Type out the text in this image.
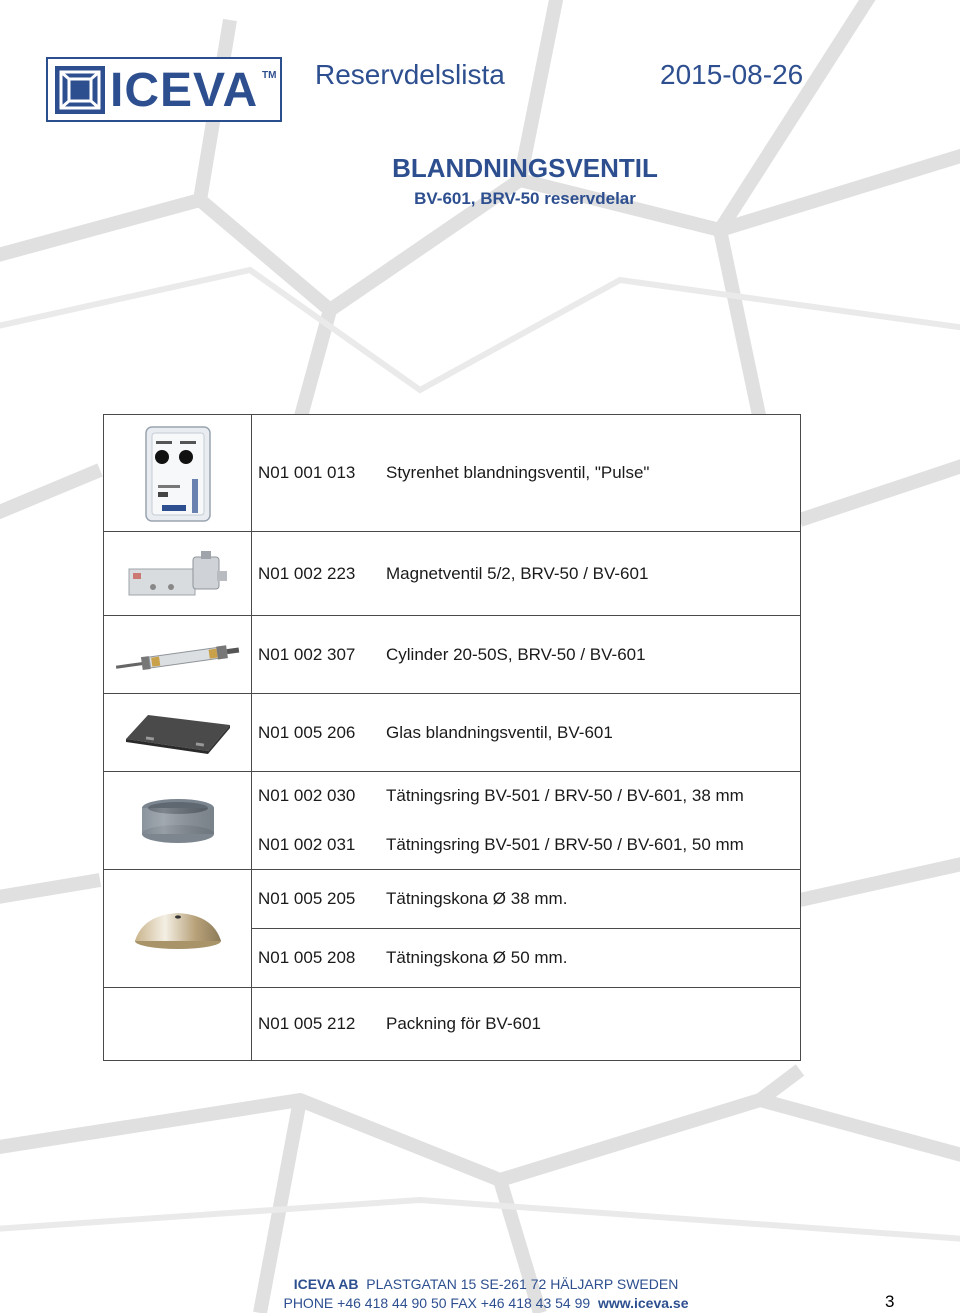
ICEVA TM Reservdelslista	2015-08-26
BLANDNINGSVENTIL
BV-601, BRV-50 reservdelar
	N01 001 013	Styrenhet blandningsventil, "Pulse"

	N01 002 223	Magnetventil 5/2, BRV-50 / BV-601

	N01 002 307	Cylinder 20-50S, BRV-50 / BV-601

	N01 005 206	Glas blandningsventil, BV-601

	N01 002 030	Tätningsring BV-501 / BRV-50 / BV-601, 38 mm
	N01 002 031	Tätningsring BV-501 / BRV-50 / BV-601, 50 mm

	N01 005 205	Tätningskona Ø 38 mm.
	N01 005 208	Tätningskona Ø 50 mm.
	N01 005 212	Packning för BV-601
ICEVA AB PLASTGATAN 15 SE-261 72 HÄLJARP SWEDEN
PHONE +46 418 44 90 50 FAX +46 418 43 54 99 www.iceva.se	3
